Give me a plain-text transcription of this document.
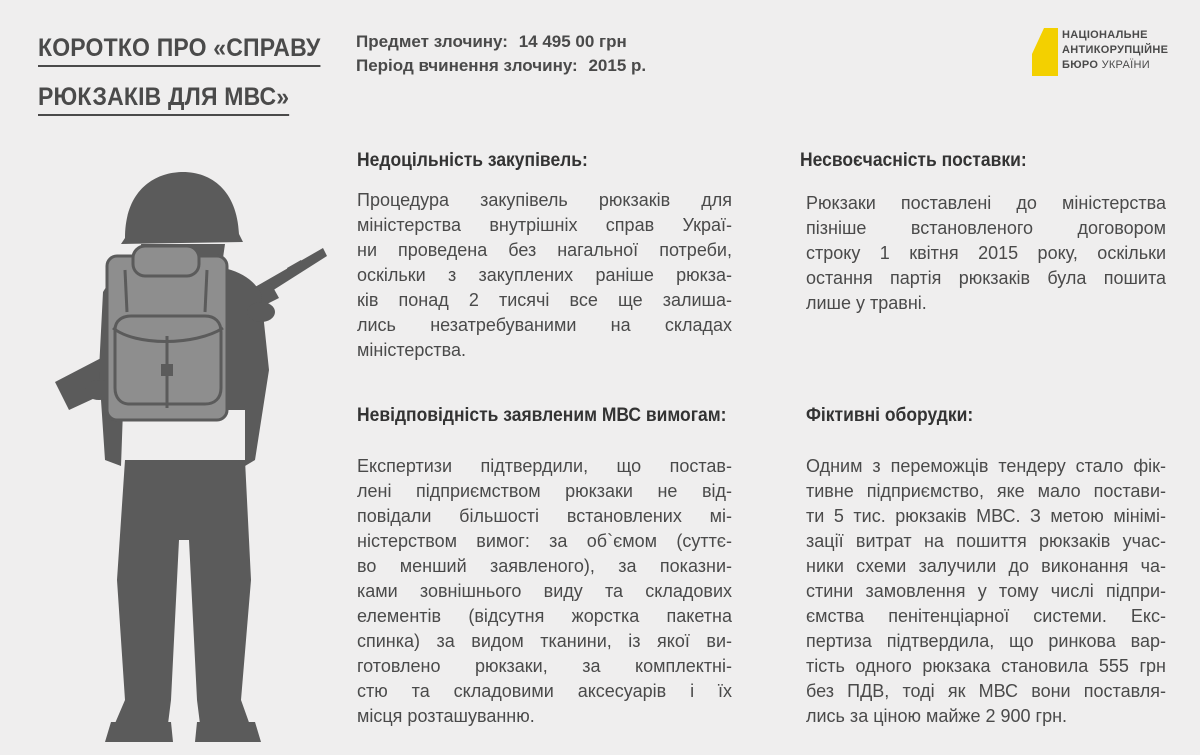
КОРОТКО ПРО «СПРАВУ
РЮКЗАКІВ ДЛЯ МВС»
Предмет злочину: 14 495 00 грн
Період вчинення злочину: 2015 р.
НАЦІОНАЛЬНЕ
АНТИКОРУПЦІЙНЕ
БЮРО УКРАЇНИ
Недоцільність закупівель:
Процедура закупівель рюкзаків для
міністерства внутрішніх справ Украї-
ни проведена без нагальної потреби,
оскільки з закуплених раніше рюкза-
ків понад 2 тисячі все ще залиша-
лись незатребуваними на складах
міністерства.
Невідповідність заявленим МВС вимогам:
Експертизи підтвердили, що постав-
лені підприємством рюкзаки не від-
повідали більшості встановлених мі-
ністерством вимог: за об`ємом (суттє-
во менший заявленого), за показни-
ками зовнішнього виду та складових
елементів (відсутня жорстка пакетна
спинка) за видом тканини, із якої ви-
готовлено рюкзаки, за комплектні-
стю та складовими аксесуарів і їх
місця розташуванню.
Несвоєчасність поставки:
Рюкзаки поставлені до міністерства
пізніше встановленого договором
строку 1 квітня 2015 року, оскільки
остання партія рюкзаків була пошита
лише у травні.
Фіктивні оборудки:
Одним з переможців тендеру стало фік-
тивне підприємство, яке мало постави-
ти 5 тис. рюкзаків МВС. З метою мінімі-
зації витрат на пошиття рюкзаків учас-
ники схеми залучили до виконання ча-
стини замовлення у тому числі підпри-
ємства пенітенціарної системи. Екс-
пертиза підтвердила, що ринкова вар-
тість одного рюкзака становила 555 грн
без ПДВ, тоді як МВС вони поставля-
лись за ціною майже 2 900 грн.
